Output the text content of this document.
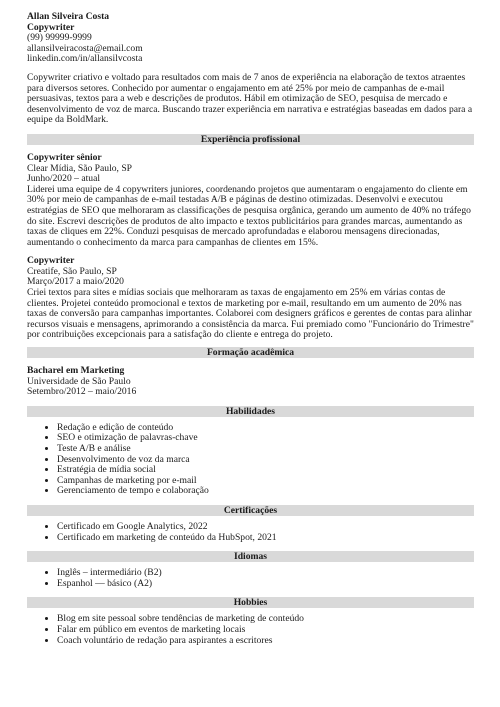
Allan Silveira Costa
Copywriter
(99) 99999-9999
allansilveiracosta@email.com
linkedin.com/in/allansilvcosta

Copywriter criativo e voltado para resultados com mais de 7 anos de experiência na elaboração de textos atraentes para diversos setores. Conhecido por aumentar o engajamento em até 25% por meio de campanhas de e-mail persuasivas, textos para a web e descrições de produtos. Hábil em otimização de SEO, pesquisa de mercado e desenvolvimento de voz de marca. Buscando trazer experiência em narrativa e estratégias baseadas em dados para a equipe da BoldMark.

Experiência profissional
Copywriter sênior
Clear Mídia, São Paulo, SP
Junho/2020 – atual

Liderei uma equipe de 4 copywriters juniores, coordenando projetos que aumentaram o engajamento do cliente em 30% por meio de campanhas de e-mail testadas A/B e páginas de destino otimizadas. Desenvolvi e executou estratégias de SEO que melhoraram as classificações de pesquisa orgânica, gerando um aumento de 40% no tráfego do site. Escrevi descrições de produtos de alto impacto e textos publicitários para grandes marcas, aumentando as taxas de cliques em 22%. Conduzi pesquisas de mercado aprofundadas e elaborou mensagens direcionadas, aumentando o conhecimento da marca para campanhas de clientes em 15%.

Copywriter
Creatife, São Paulo, SP
Março/2017 a maio/2020

Criei textos para sites e mídias sociais que melhoraram as taxas de engajamento em 25% em várias contas de clientes. Projetei conteúdo promocional e textos de marketing por e-mail, resultando em um aumento de 20% nas taxas de conversão para campanhas importantes. Colaborei com designers gráficos e gerentes de contas para alinhar recursos visuais e mensagens, aprimorando a consistência da marca. Fui premiado como "Funcionário do Trimestre" por contribuições excepcionais para a satisfação do cliente e entrega do projeto.

Formação acadêmica
Bacharel em Marketing
Universidade de São Paulo
Setembro/2012 – maio/2016
Habilidades
• Redação e edição de conteúdo
• SEO e otimização de palavras-chave
• Teste A/B e análise
• Desenvolvimento de voz da marca
• Estratégia de mídia social
• Campanhas de marketing por e-mail
• Gerenciamento de tempo e colaboração
Certificações
• Certificado em Google Analytics, 2022
• Certificado em marketing de conteúdo da HubSpot, 2021
Idiomas
• Inglês – intermediário (B2)
• Espanhol — básico (A2)
Hobbies
• Blog em site pessoal sobre tendências de marketing de conteúdo
• Falar em público em eventos de marketing locais
• Coach voluntário de redação para aspirantes a escritores
